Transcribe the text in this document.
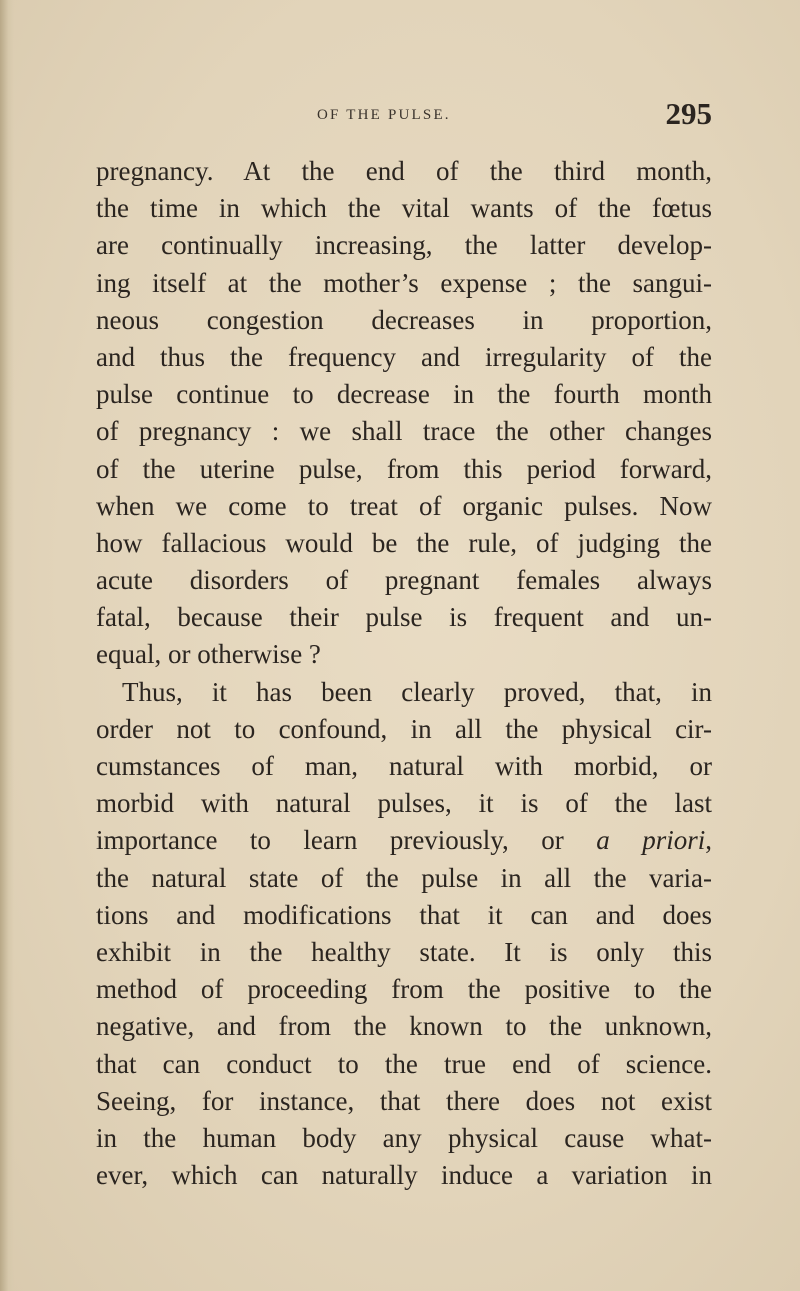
OF THE PULSE.	295
pregnancy. At the end of the third month,
the time in which the vital wants of the fœtus
are continually increasing, the latter develop-
ing itself at the mother’s expense ; the sangui-
neous congestion decreases in proportion,
and thus the frequency and irregularity of the
pulse continue to decrease in the fourth month
of pregnancy : we shall trace the other changes
of the uterine pulse, from this period forward,
when we come to treat of organic pulses. Now
how fallacious would be the rule, of judging the
acute disorders of pregnant females always
fatal, because their pulse is frequent and un-
equal, or otherwise ?
Thus, it has been clearly proved, that, in
order not to confound, in all the physical cir-
cumstances of man, natural with morbid, or
morbid with natural pulses, it is of the last
importance to learn previously, or a priori,
the natural state of the pulse in all the varia-
tions and modifications that it can and does
exhibit in the healthy state. It is only this
method of proceeding from the positive to the
negative, and from the known to the unknown,
that can conduct to the true end of science.
Seeing, for instance, that there does not exist
in the human body any physical cause what-
ever, which can naturally induce a variation in
